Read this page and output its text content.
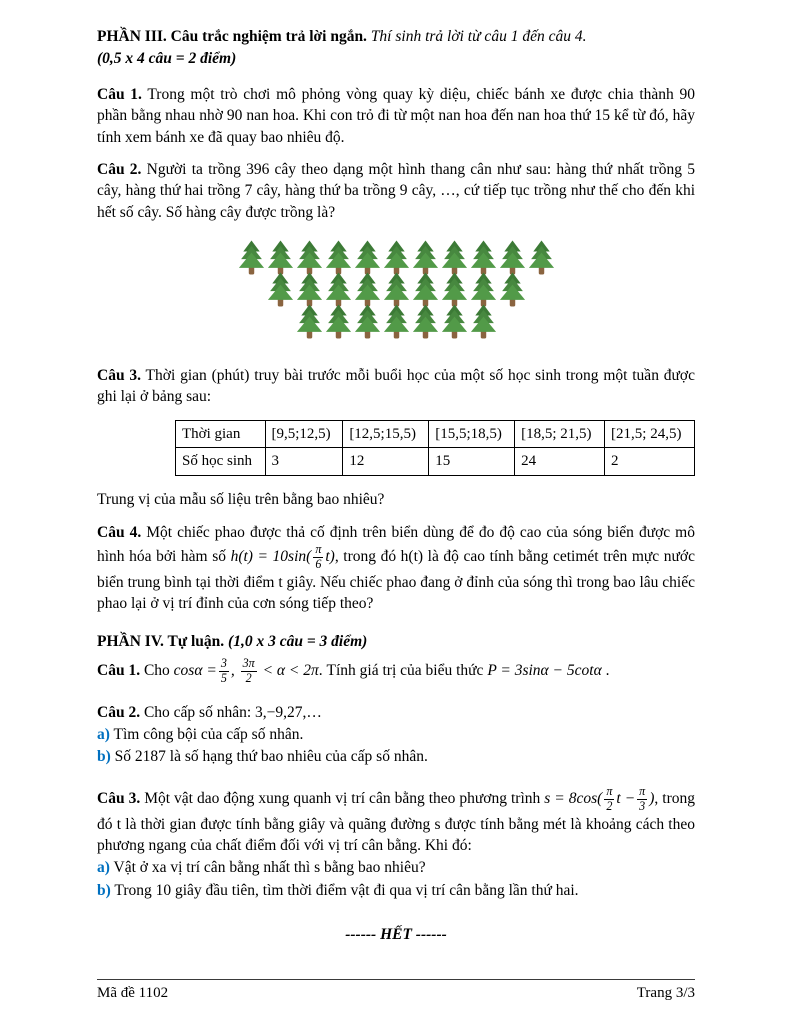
PHẦN III. Câu trắc nghiệm trả lời ngắn. Thí sinh trả lời từ câu 1 đến câu 4.
(0,5 x 4 câu = 2 điểm)

Câu 1. Trong một trò chơi mô phỏng vòng quay kỳ diệu, chiếc bánh xe được chia thành 90 phần bằng nhau nhờ 90 nan hoa. Khi con trỏ đi từ một nan hoa đến nan hoa thứ 15 kể từ đó, hãy tính xem bánh xe đã quay bao nhiêu độ.

Câu 2. Người ta trồng 396 cây theo dạng một hình thang cân như sau: hàng thứ nhất trồng 5 cây, hàng thứ hai trồng 7 cây, hàng thứ ba trồng 9 cây, …, cứ tiếp tục trồng như thế cho đến khi hết số cây. Số hàng cây được trồng là?

Câu 3. Thời gian (phút) truy bài trước mỗi buổi học của một số học sinh trong một tuần được ghi lại ở bảng sau:

Thời gian	[9,5;12,5)	[12,5;15,5)	[15,5;18,5)	[18,5; 21,5)	[21,5; 24,5)
Số học sinh	3	12	15	24	2

Trung vị của mẫu số liệu trên bằng bao nhiêu?

Câu 4. Một chiếc phao được thả cố định trên biển dùng để đo độ cao của sóng biển được mô hình hóa bởi hàm số $h(t) = 10\sin( \frac{\pi}{6} t)$, trong đó h(t) là độ cao tính bằng cetimét trên mực nước biển trung bình tại thời điểm t giây. Nếu chiếc phao đang ở đỉnh của sóng thì trong bao lâu chiếc phao lại ở vị trí đỉnh của cơn sóng tiếp theo?

PHẦN IV. Tự luận. (1,0 x 3 câu = 3 điểm)

Câu 1. Cho $\cos\alpha = \frac{3}{5}$ , $\frac{3\pi}{2} < \alpha < 2\pi$. Tính giá trị của biểu thức P = 3sinα − 5cotα .

Câu 2. Cho cấp số nhân: 3,−9,27,…
a) Tìm công bội của cấp số nhân.
b) Số 2187 là số hạng thứ bao nhiêu của cấp số nhân.

Câu 3. Một vật dao động xung quanh vị trí cân bằng theo phương trình $s = 8\cos( \frac{\pi}{2}$ $t - \frac{\pi}{3}$ ), trong đó t là thời gian được tính bằng giây và quãng đường s được tính bằng mét là khoảng cách theo phương ngang của chất điểm đối với vị trí cân bằng. Khi đó:

a) Vật ở xa vị trí cân bằng nhất thì s bằng bao nhiêu?
b) Trong 10 giây đầu tiên, tìm thời điểm vật đi qua vị trí cân bằng lần thứ hai.
------ HẾT ------
Mã đề 1102	Trang 3/3
